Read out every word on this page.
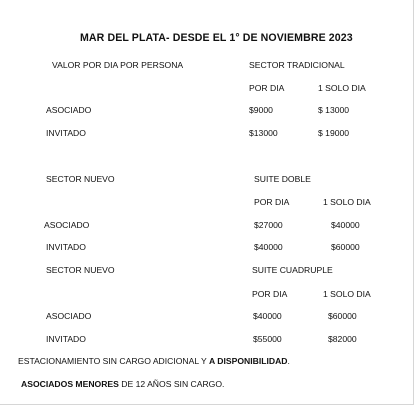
MAR DEL PLATA- DESDE EL 1° DE NOVIEMBRE 2023
VALOR POR DIA POR PERSONA	SECTOR TRADICIONAL
POR DIA	1 SOLO DIA
ASOCIADO	$9000	$ 13000
INVITADO	$13000	$ 19000
SECTOR NUEVO	SUITE DOBLE
POR DIA	1 SOLO DIA
ASOCIADO	$27000	$40000
INVITADO	$40000	$60000
SECTOR NUEVO	SUITE CUADRUPLE
POR DIA	1 SOLO DIA
ASOCIADO	$40000	$60000
INVITADO	$55000	$82000
ESTACIONAMIENTO SIN CARGO ADICIONAL Y A DISPONIBILIDAD.
ASOCIADOS MENORES DE 12 AÑOS SIN CARGO.
